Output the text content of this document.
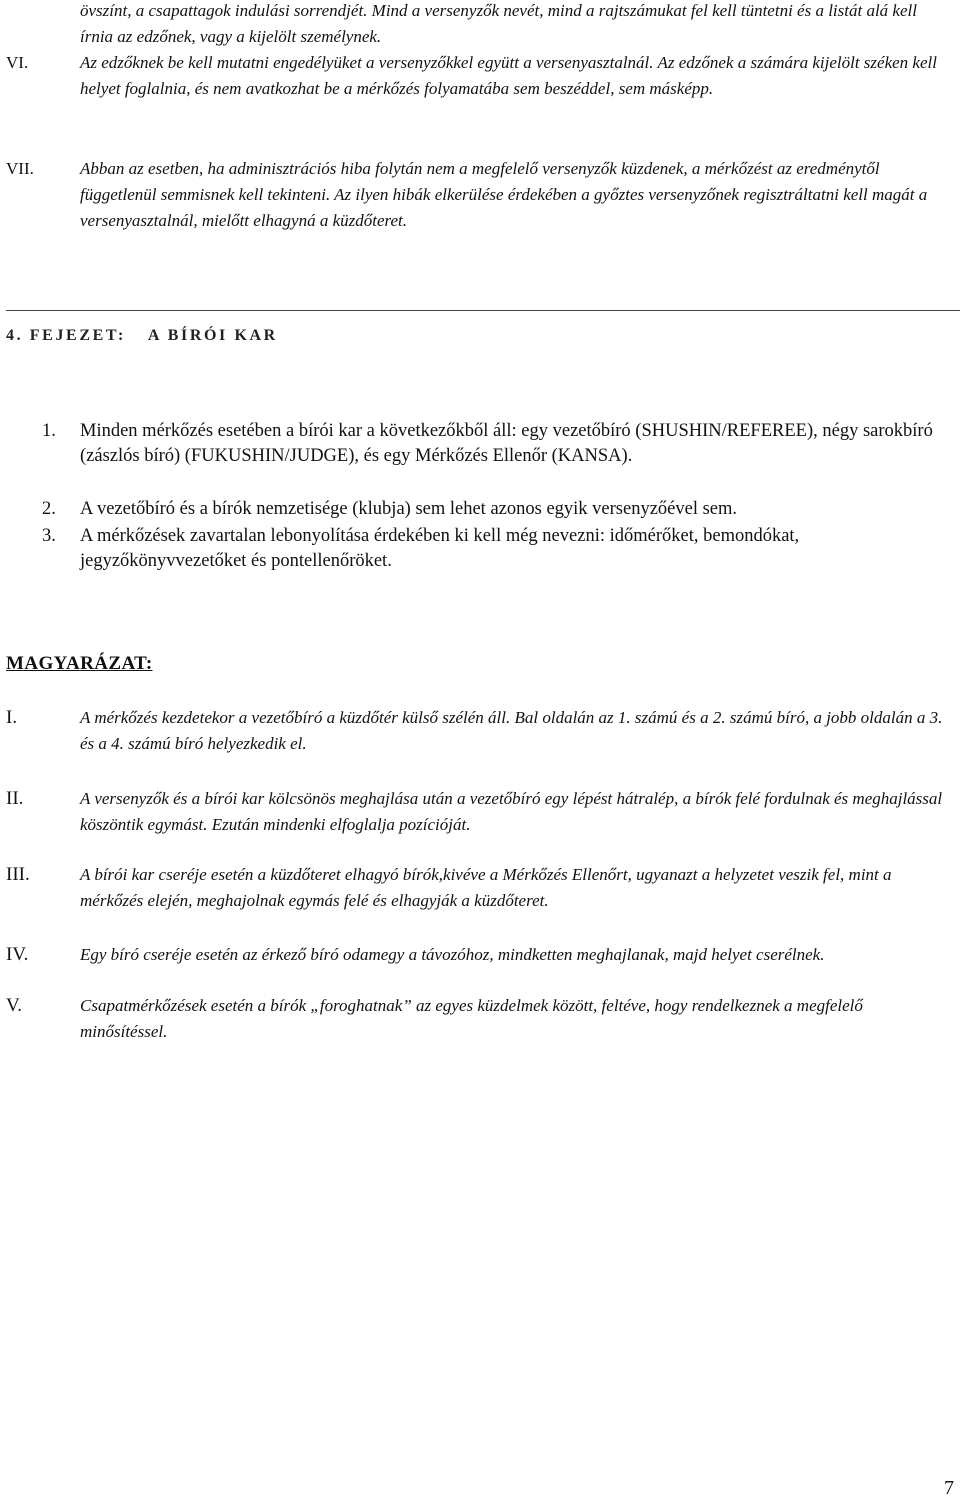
övszínt, a csapattagok indulási sorrendjét. Mind a versenyzők nevét, mind a rajtszámukat fel kell tüntetni és a listát alá kell írnia az edzőnek, vagy a kijelölt személynek.
VI.	Az edzőknek be kell mutatni engedélyüket a versenyzőkkel együtt a versenyasztalnál. Az edzőnek a számára kijelölt széken kell helyet foglalnia, és nem avatkozhat be a mérkőzés folyamatába sem beszéddel, sem másképp.
VII.	Abban az esetben, ha adminisztrációs hiba folytán nem a megfelelő versenyzők küzdenek, a mérkőzést az eredménytől függetlenül semmisnek kell tekinteni. Az ilyen hibák elkerülése érdekében a győztes versenyzőnek regisztráltatni kell magát a versenyasztalnál, mielőtt elhagyná a küzdőteret.
4. FEJEZET: A BÍRÓI KAR
1. Minden mérkőzés esetében a bírói kar a következőkből áll: egy vezetőbíró (SHUSHIN/REFEREE), négy sarokbíró (zászlós bíró) (FUKUSHIN/JUDGE), és egy Mérkőzés Ellenőr (KANSA).
2. A vezetőbíró és a bírók nemzetisége (klubja) sem lehet azonos egyik versenyzőével sem.
3. A mérkőzések zavartalan lebonyolítása érdekében ki kell még nevezni: időmérőket, bemondókat, jegyzőkönyvvezetőket és pontellenőröket.
MAGYARÁZAT:
I.	A mérkőzés kezdetekor a vezetőbíró a küzdőtér külső szélén áll. Bal oldalán az 1. számú és a 2. számú bíró, a jobb oldalán a 3. és a 4. számú bíró helyezkedik el.
II.	A versenyzők és a bírói kar kölcsönös meghajlása után a vezetőbíró egy lépést hátralép, a bírók felé fordulnak és meghajlással köszöntik egymást. Ezután mindenki elfoglalja pozícióját.
III.	A bírói kar cseréje esetén a küzdőteret elhagyó bírók,kivéve a Mérkőzés Ellenőrt, ugyanazt a helyzetet veszik fel, mint a mérkőzés elején, meghajolnak egymás felé és elhagyják a küzdőteret.
IV.	Egy bíró cseréje esetén az érkező bíró odamegy a távozóhoz, mindketten meghajlanak, majd helyet cserélnek.
V.	Csapatmérkőzések esetén a bírók „foroghatnak” az egyes küzdelmek között, feltéve, hogy rendelkeznek a megfelelő minősítéssel.
7
